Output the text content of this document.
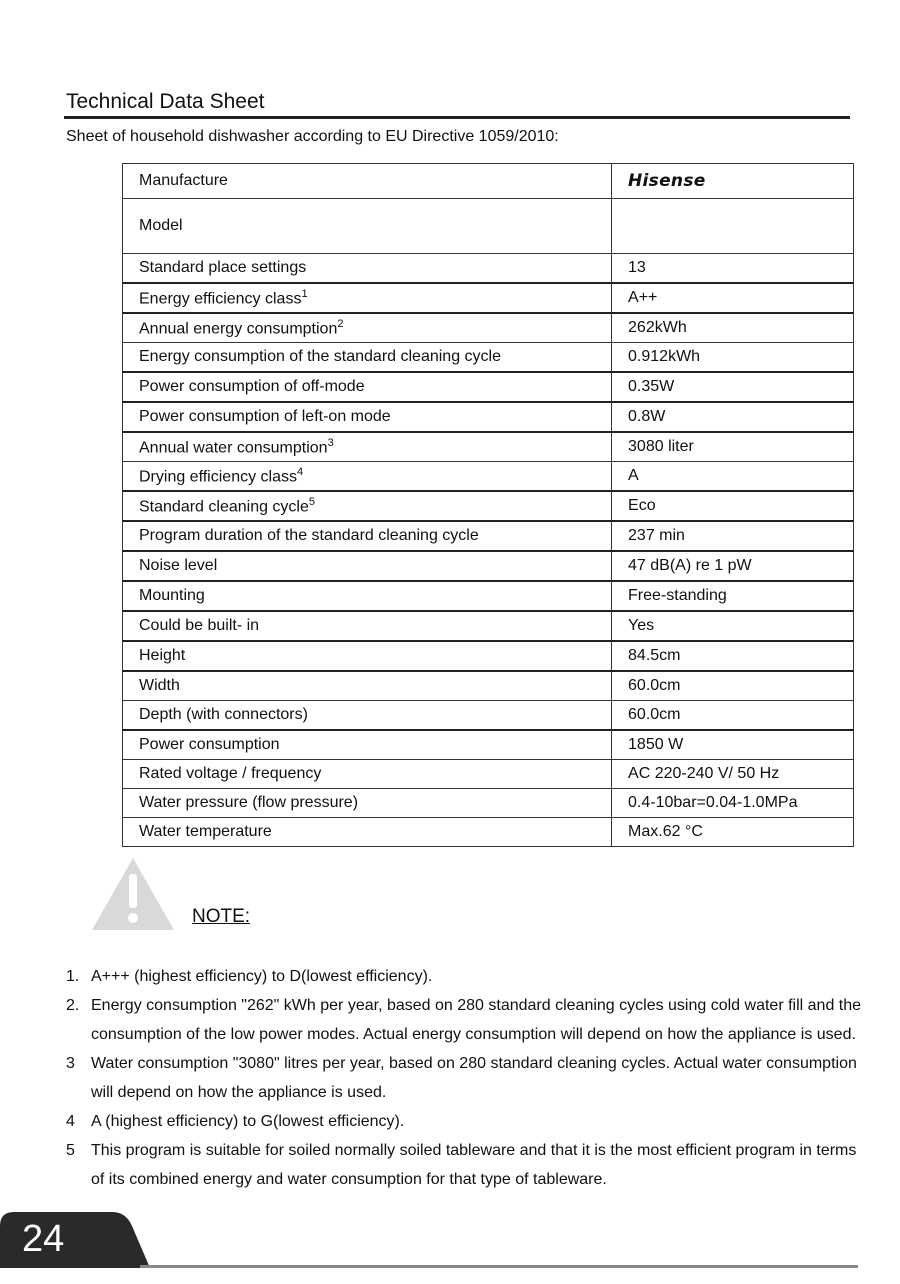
Technical Data Sheet
Sheet of household dishwasher according to EU Directive 1059/2010:
Manufacture	Hisense
Model	
Standard place settings	13
Energy efficiency class$^1$	A++
Annual energy consumption$^2$	262kWh
Energy consumption of the standard cleaning cycle	0.912kWh
Power consumption of off-mode	0.35W
Power consumption of left-on mode	0.8W
Annual water consumption$^3$	3080 liter
Drying efficiency class$^4$	A
Standard cleaning cycle$^5$	Eco
Program duration of the standard cleaning cycle	237 min
Noise level	47 dB(A) re 1 pW
Mounting	Free-standing
Could be built- in	Yes
Height	84.5cm
Width	60.0cm
Depth (with connectors)	60.0cm
Power consumption	1850 W
Rated voltage / frequency	AC 220-240 V/ 50 Hz
Water pressure (flow pressure)	0.4-10bar=0.04-1.0MPa
Water temperature	Max.62 °C
NOTE:
1. A+++ (highest efficiency) to D(lowest efficiency).
2. Energy consumption "262" kWh per year, based on 280 standard cleaning cycles using cold water fill and the consumption of the low power modes. Actual energy consumption will depend on how the appliance is used.
3 Water consumption "3080" litres per year, based on 280 standard cleaning cycles. Actual water consumption will depend on how the appliance is used.
4 A (highest efficiency) to G(lowest efficiency).
5 This program is suitable for soiled normally soiled tableware and that it is the most efficient program in terms of its combined energy and water consumption for that type of tableware.
24
